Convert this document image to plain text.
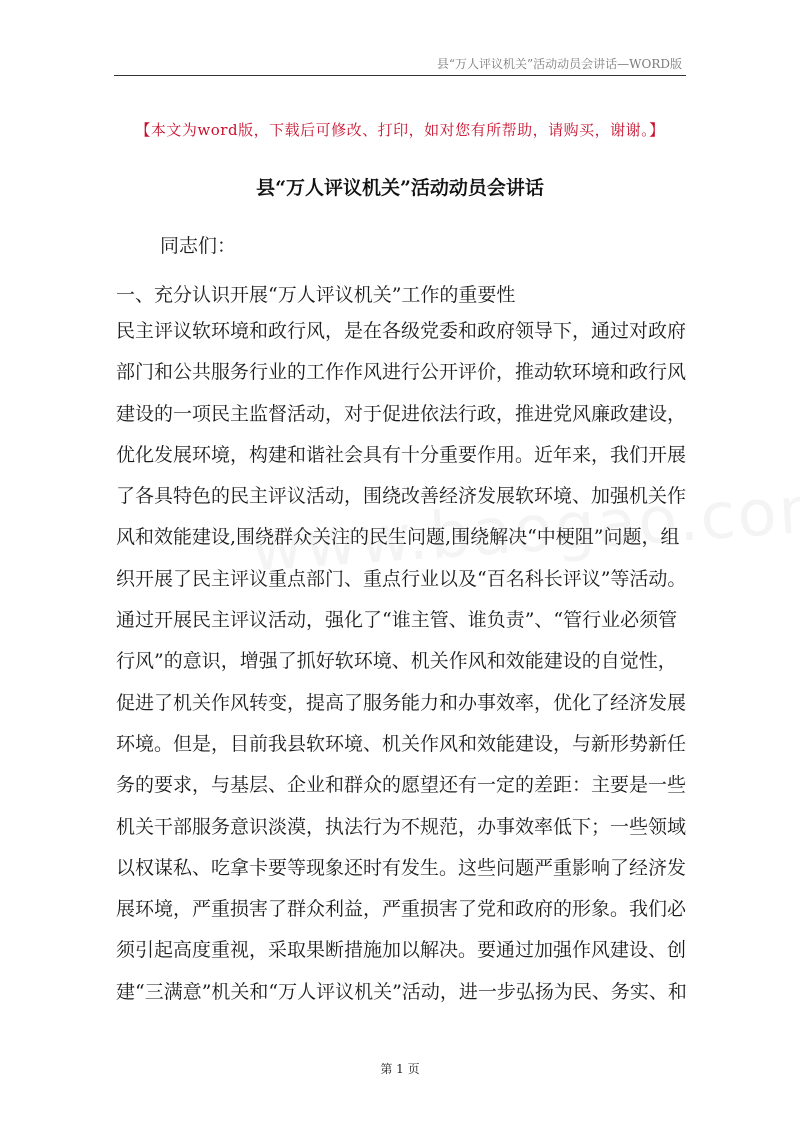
县“万人评议机关”活动动员会讲话—WORD版
【本文为word版，下载后可修改、打印，如对您有所帮助，请购买，谢谢。】
县“万人评议机关”活动动员会讲话
同志们：
一、充分认识开展“万人评议机关”工作的重要性
民主评议软环境和政行风，是在各级党委和政府领导下，通过对政府
部门和公共服务行业的工作作风进行公开评价，推动软环境和政行风
建设的一项民主监督活动，对于促进依法行政，推进党风廉政建设，
优化发展环境，构建和谐社会具有十分重要作用。近年来，我们开展
了各具特色的民主评议活动，围绕改善经济发展软环境、加强机关作
风和效能建设,围绕群众关注的民生问题,围绕解决“中梗阻”问题，组
织开展了民主评议重点部门、重点行业以及“百名科长评议”等活动。
通过开展民主评议活动，强化了“谁主管、谁负责”、“管行业必须管
行风”的意识，增强了抓好软环境、机关作风和效能建设的自觉性，
促进了机关作风转变，提高了服务能力和办事效率，优化了经济发展
环境。但是，目前我县软环境、机关作风和效能建设，与新形势新任
务的要求，与基层、企业和群众的愿望还有一定的差距：主要是一些
机关干部服务意识淡漠，执法行为不规范，办事效率低下；一些领域
以权谋私、吃拿卡要等现象还时有发生。这些问题严重影响了经济发
展环境，严重损害了群众利益，严重损害了党和政府的形象。我们必
须引起高度重视，采取果断措施加以解决。要通过加强作风建设、创
建“三满意”机关和“万人评议机关”活动，进一步弘扬为民、务实、和
第 1 页
